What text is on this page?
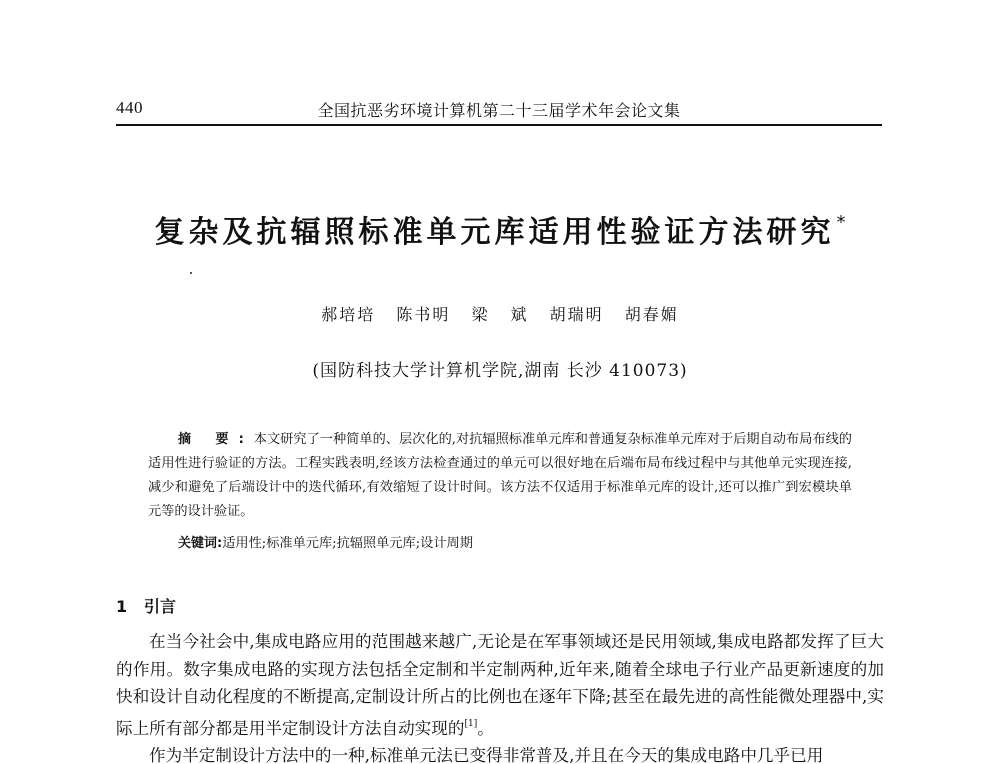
440	全国抗恶劣环境计算机第二十三届学术年会论文集
复杂及抗辐照标准单元库适用性验证方法研究 *
郝培培 陈书明 梁 斌 胡瑞明 胡春媚
(国防科技大学计算机学院,湖南 长沙 410073)
摘 要:本文研究了一种简单的、层次化的,对抗辐照标准单元库和普通复杂标准单元库对于后期自动布局布线的适用性进行验证的方法。工程实践表明,经该方法检查通过的单元可以很好地在后端布局布线过程中与其他单元实现连接,减少和避免了后端设计中的迭代循环,有效缩短了设计时间。该方法不仅适用于标准单元库的设计,还可以推广到宏模块单元等的设计验证。
关键词:适用性;标准单元库;抗辐照单元库;设计周期
1 引言

在当今社会中,集成电路应用的范围越来越广,无论是在军事领域还是民用领域,集成电路都发挥了巨大的作用。数字集成电路的实现方法包括全定制和半定制两种,近年来,随着全球电子行业产品更新速度的加快和设计自动化程度的不断提高,定制设计所占的比例也在逐年下降;甚至在最先进的高性能微处理器中,实际上所有部分都是用半定制设计方法自动实现的[1]。

作为半定制设计方法中的一种,标准单元法已变得非常普及,并且在今天的集成电路中几乎已用
